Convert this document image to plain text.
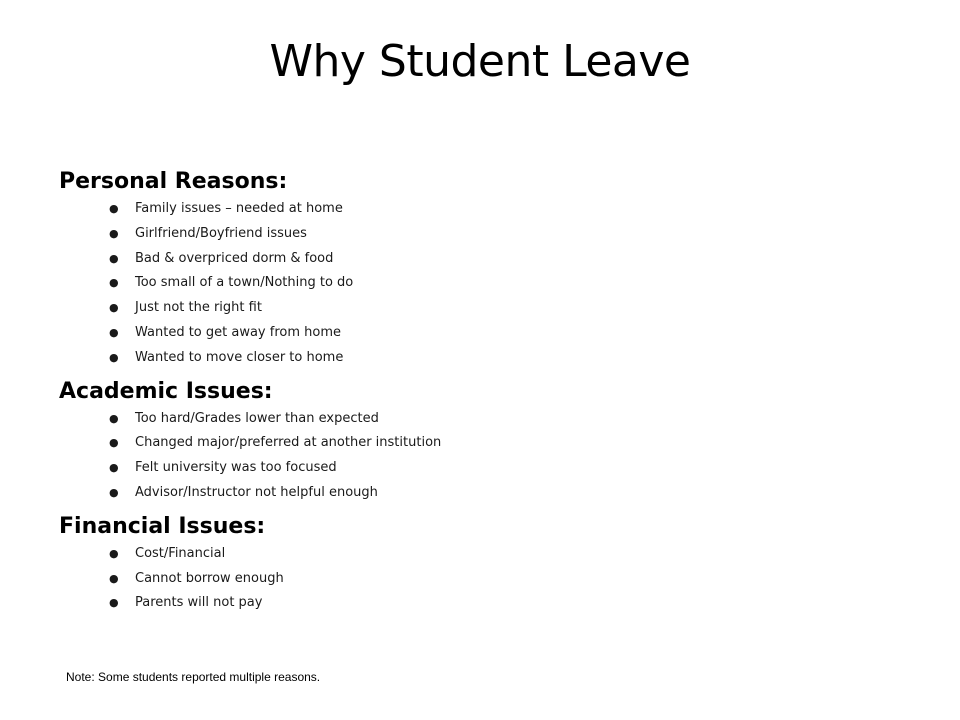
Why Student Leave
Personal Reasons:
● Family issues – needed at home
● Girlfriend/Boyfriend issues
● Bad & overpriced dorm & food
● Too small of a town/Nothing to do
● Just not the right fit
● Wanted to get away from home
● Wanted to move closer to home
Academic Issues:
● Too hard/Grades lower than expected
● Changed major/preferred at another institution
● Felt university was too focused
● Advisor/Instructor not helpful enough
Financial Issues:
● Cost/Financial
● Cannot borrow enough
● Parents will not pay
Note: Some students reported multiple reasons.
